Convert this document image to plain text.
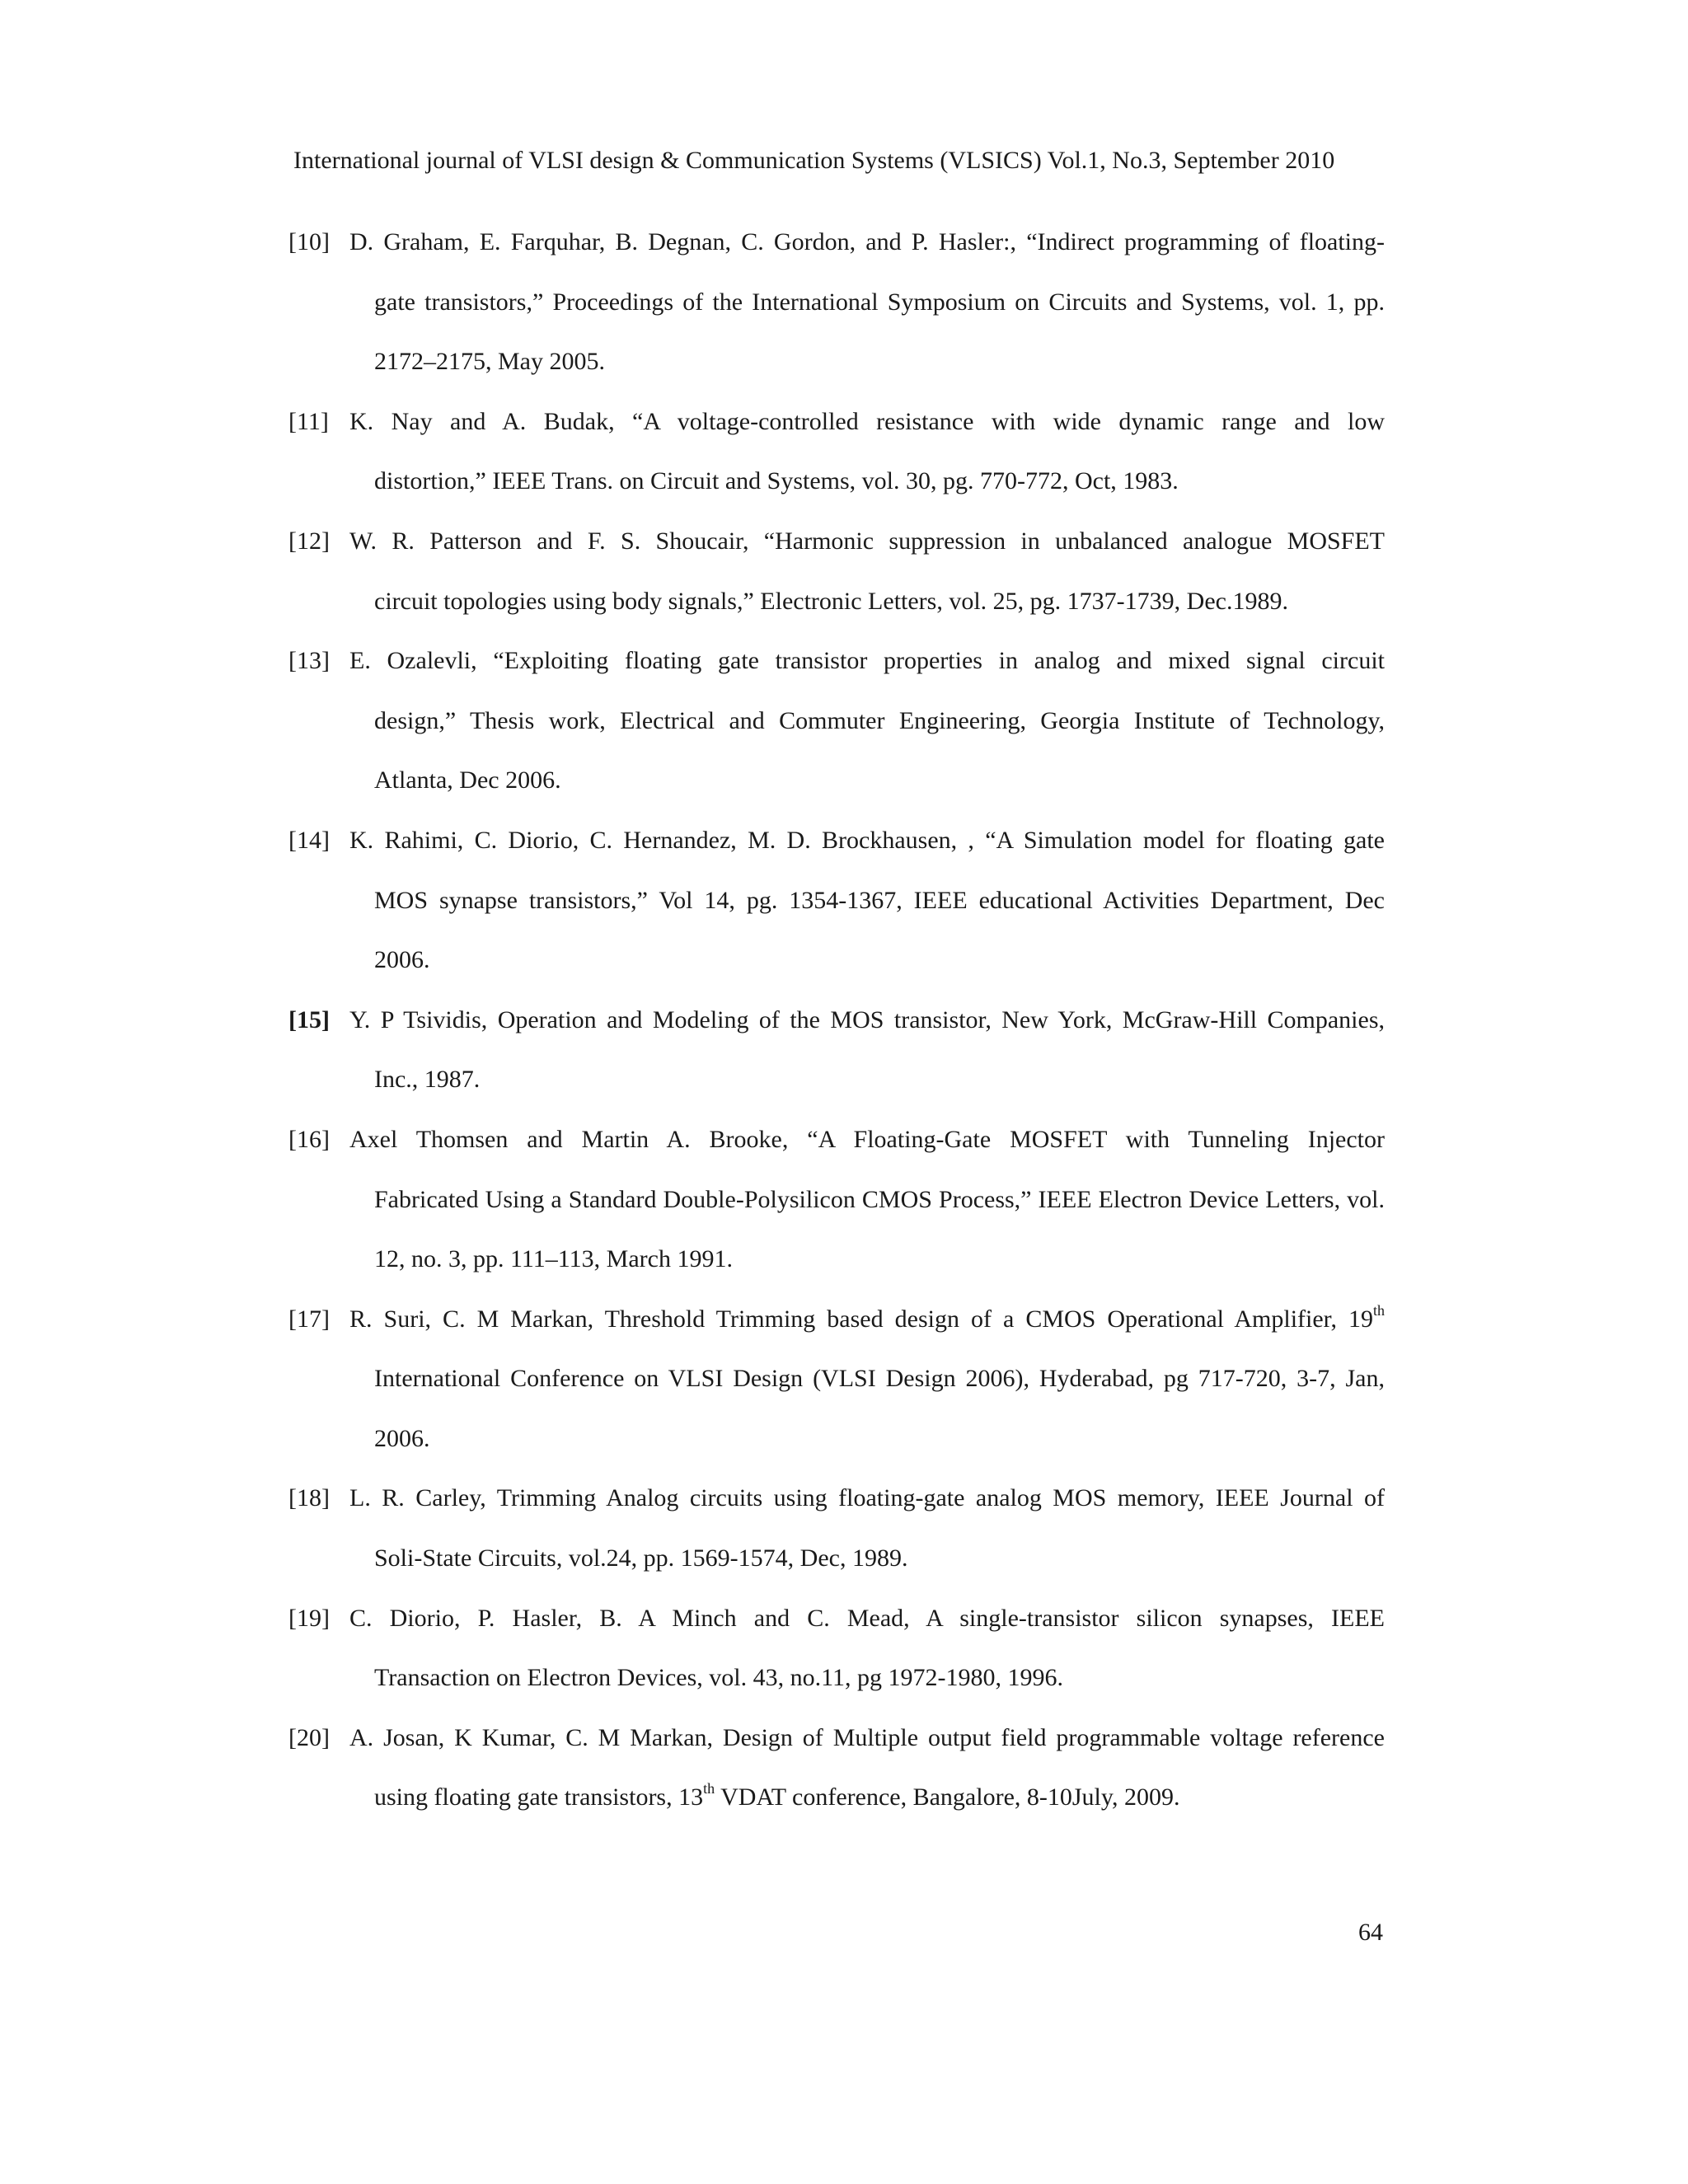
International journal of VLSI design & Communication Systems (VLSICS) Vol.1, No.3, September 2010
[10] D. Graham, E. Farquhar, B. Degnan, C. Gordon, and P. Hasler:, “Indirect programming of floating-
gate transistors,” Proceedings of the International Symposium on Circuits and Systems, vol. 1, pp. 2172–2175, May 2005.
[11] K. Nay and A. Budak, “A voltage-controlled resistance with wide dynamic range and low
distortion,” IEEE Trans. on Circuit and Systems, vol. 30, pg. 770-772, Oct, 1983.
[12] W. R. Patterson and F. S. Shoucair, “Harmonic suppression in unbalanced analogue MOSFET
circuit topologies using body signals,” Electronic Letters, vol. 25, pg. 1737-1739, Dec.1989.
[13] E. Ozalevli, “Exploiting floating gate transistor properties in analog and mixed signal circuit
design,” Thesis work, Electrical and Commuter Engineering, Georgia Institute of Technology, Atlanta, Dec 2006.
[14] K. Rahimi, C. Diorio, C. Hernandez, M. D. Brockhausen, , “A Simulation model for floating gate
MOS synapse transistors,” Vol 14, pg. 1354-1367, IEEE educational Activities Department, Dec 2006.
[15] Y. P Tsividis, Operation and Modeling of the MOS transistor, New York, McGraw-Hill Companies,
Inc., 1987.
[16] Axel Thomsen and Martin A. Brooke, “A Floating-Gate MOSFET with Tunneling Injector
Fabricated Using a Standard Double-Polysilicon CMOS Process,” IEEE Electron Device Letters, vol. 12, no. 3, pp. 111–113, March 1991.
[17] R. Suri, C. M Markan, Threshold Trimming based design of a CMOS Operational Amplifier, 19th
International Conference on VLSI Design (VLSI Design 2006), Hyderabad, pg 717-720, 3-7, Jan, 2006.
[18] L. R. Carley, Trimming Analog circuits using floating-gate analog MOS memory, IEEE Journal of
Soli-State Circuits, vol.24, pp. 1569-1574, Dec, 1989.
[19] C. Diorio, P. Hasler, B. A Minch and C. Mead, A single-transistor silicon synapses, IEEE
Transaction on Electron Devices, vol. 43, no.11, pg 1972-1980, 1996.
[20] A. Josan, K Kumar, C. M Markan, Design of Multiple output field programmable voltage reference
using floating gate transistors, 13th VDAT conference, Bangalore, 8-10July, 2009.
64
